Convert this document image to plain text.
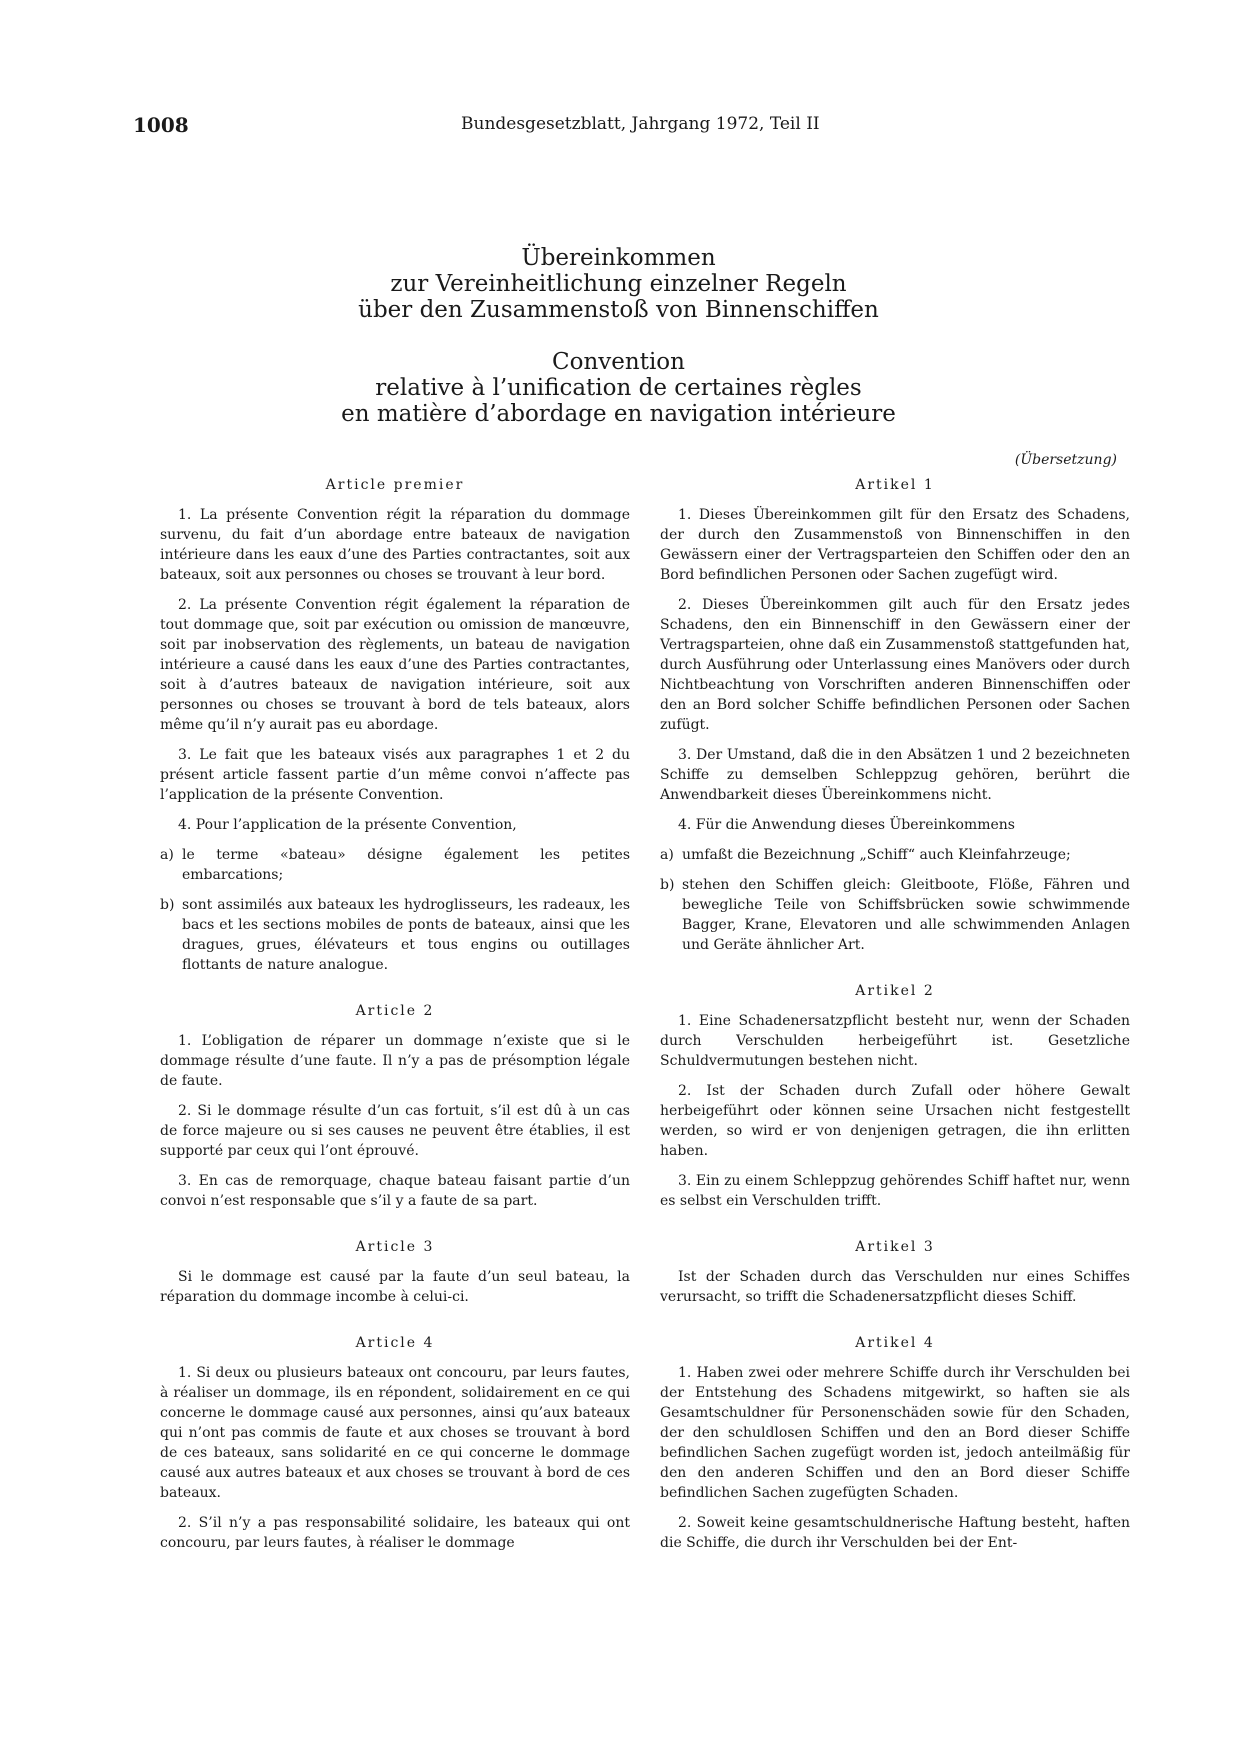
1008	Bundesgesetzblatt, Jahrgang 1972, Teil II
Übereinkommen
zur Vereinheitlichung einzelner Regeln
über den Zusammenstoß von Binnenschiffen
Convention
relative à l’unification de certaines règles
en matière d’abordage en navigation intérieure
(Übersetzung)
Article premier
1. La présente Convention régit la réparation du dommage survenu, du fait d’un abordage entre bateaux de navigation intérieure dans les eaux d’une des Parties contractantes, soit aux bateaux, soit aux personnes ou choses se trouvant à leur bord.
2. La présente Convention régit également la réparation de tout dommage que, soit par exécution ou omission de manœuvre, soit par inobservation des règlements, un bateau de navigation intérieure a causé dans les eaux d’une des Parties contractantes, soit à d’autres bateaux de navigation intérieure, soit aux personnes ou choses se trouvant à bord de tels bateaux, alors même qu’il n’y aurait pas eu abordage.
3. Le fait que les bateaux visés aux paragraphes 1 et 2 du présent article fassent partie d’un même convoi n’affecte pas l’application de la présente Convention.
4. Pour l’application de la présente Convention,
a) le terme «bateau» désigne également les petites embarcations;
b) sont assimilés aux bateaux les hydroglisseurs, les radeaux, les bacs et les sections mobiles de ponts de bateaux, ainsi que les dragues, grues, élévateurs et tous engins ou outillages flottants de nature analogue.
Article 2
1. L’obligation de réparer un dommage n’existe que si le dommage résulte d’une faute. Il n’y a pas de présomption légale de faute.
2. Si le dommage résulte d’un cas fortuit, s’il est dû à un cas de force majeure ou si ses causes ne peuvent être établies, il est supporté par ceux qui l’ont éprouvé.
3. En cas de remorquage, chaque bateau faisant partie d’un convoi n’est responsable que s’il y a faute de sa part.
Article 3
Si le dommage est causé par la faute d’un seul bateau, la réparation du dommage incombe à celui-ci.
Article 4
1. Si deux ou plusieurs bateaux ont concouru, par leurs fautes, à réaliser un dommage, ils en répondent, solidairement en ce qui concerne le dommage causé aux personnes, ainsi qu’aux bateaux qui n’ont pas commis de faute et aux choses se trouvant à bord de ces bateaux, sans solidarité en ce qui concerne le dommage causé aux autres bateaux et aux choses se trouvant à bord de ces bateaux.
2. S’il n’y a pas responsabilité solidaire, les bateaux qui ont concouru, par leurs fautes, à réaliser le dommage
Artikel 1
1. Dieses Übereinkommen gilt für den Ersatz des Schadens, der durch den Zusammenstoß von Binnenschiffen in den Gewässern einer der Vertragsparteien den Schiffen oder den an Bord befindlichen Personen oder Sachen zugefügt wird.
2. Dieses Übereinkommen gilt auch für den Ersatz jedes Schadens, den ein Binnenschiff in den Gewässern einer der Vertragsparteien, ohne daß ein Zusammenstoß stattgefunden hat, durch Ausführung oder Unterlassung eines Manövers oder durch Nichtbeachtung von Vorschriften anderen Binnenschiffen oder den an Bord solcher Schiffe befindlichen Personen oder Sachen zufügt.
3. Der Umstand, daß die in den Absätzen 1 und 2 bezeichneten Schiffe zu demselben Schleppzug gehören, berührt die Anwendbarkeit dieses Übereinkommens nicht.
4. Für die Anwendung dieses Übereinkommens
a) umfaßt die Bezeichnung „Schiff“ auch Kleinfahrzeuge;
b) stehen den Schiffen gleich: Gleitboote, Flöße, Fähren und bewegliche Teile von Schiffsbrücken sowie schwimmende Bagger, Krane, Elevatoren und alle schwimmenden Anlagen und Geräte ähnlicher Art.
Artikel 2
1. Eine Schadenersatzpflicht besteht nur, wenn der Schaden durch Verschulden herbeigeführt ist. Gesetzliche Schuldvermutungen bestehen nicht.
2. Ist der Schaden durch Zufall oder höhere Gewalt herbeigeführt oder können seine Ursachen nicht festgestellt werden, so wird er von denjenigen getragen, die ihn erlitten haben.
3. Ein zu einem Schleppzug gehörendes Schiff haftet nur, wenn es selbst ein Verschulden trifft.
Artikel 3
Ist der Schaden durch das Verschulden nur eines Schiffes verursacht, so trifft die Schadenersatzpflicht dieses Schiff.
Artikel 4
1. Haben zwei oder mehrere Schiffe durch ihr Verschulden bei der Entstehung des Schadens mitgewirkt, so haften sie als Gesamtschuldner für Personenschäden sowie für den Schaden, der den schuldlosen Schiffen und den an Bord dieser Schiffe befindlichen Sachen zugefügt worden ist, jedoch anteilmäßig für den den anderen Schiffen und den an Bord dieser Schiffe befindlichen Sachen zugefügten Schaden.
2. Soweit keine gesamtschuldnerische Haftung besteht, haften die Schiffe, die durch ihr Verschulden bei der Ent-
